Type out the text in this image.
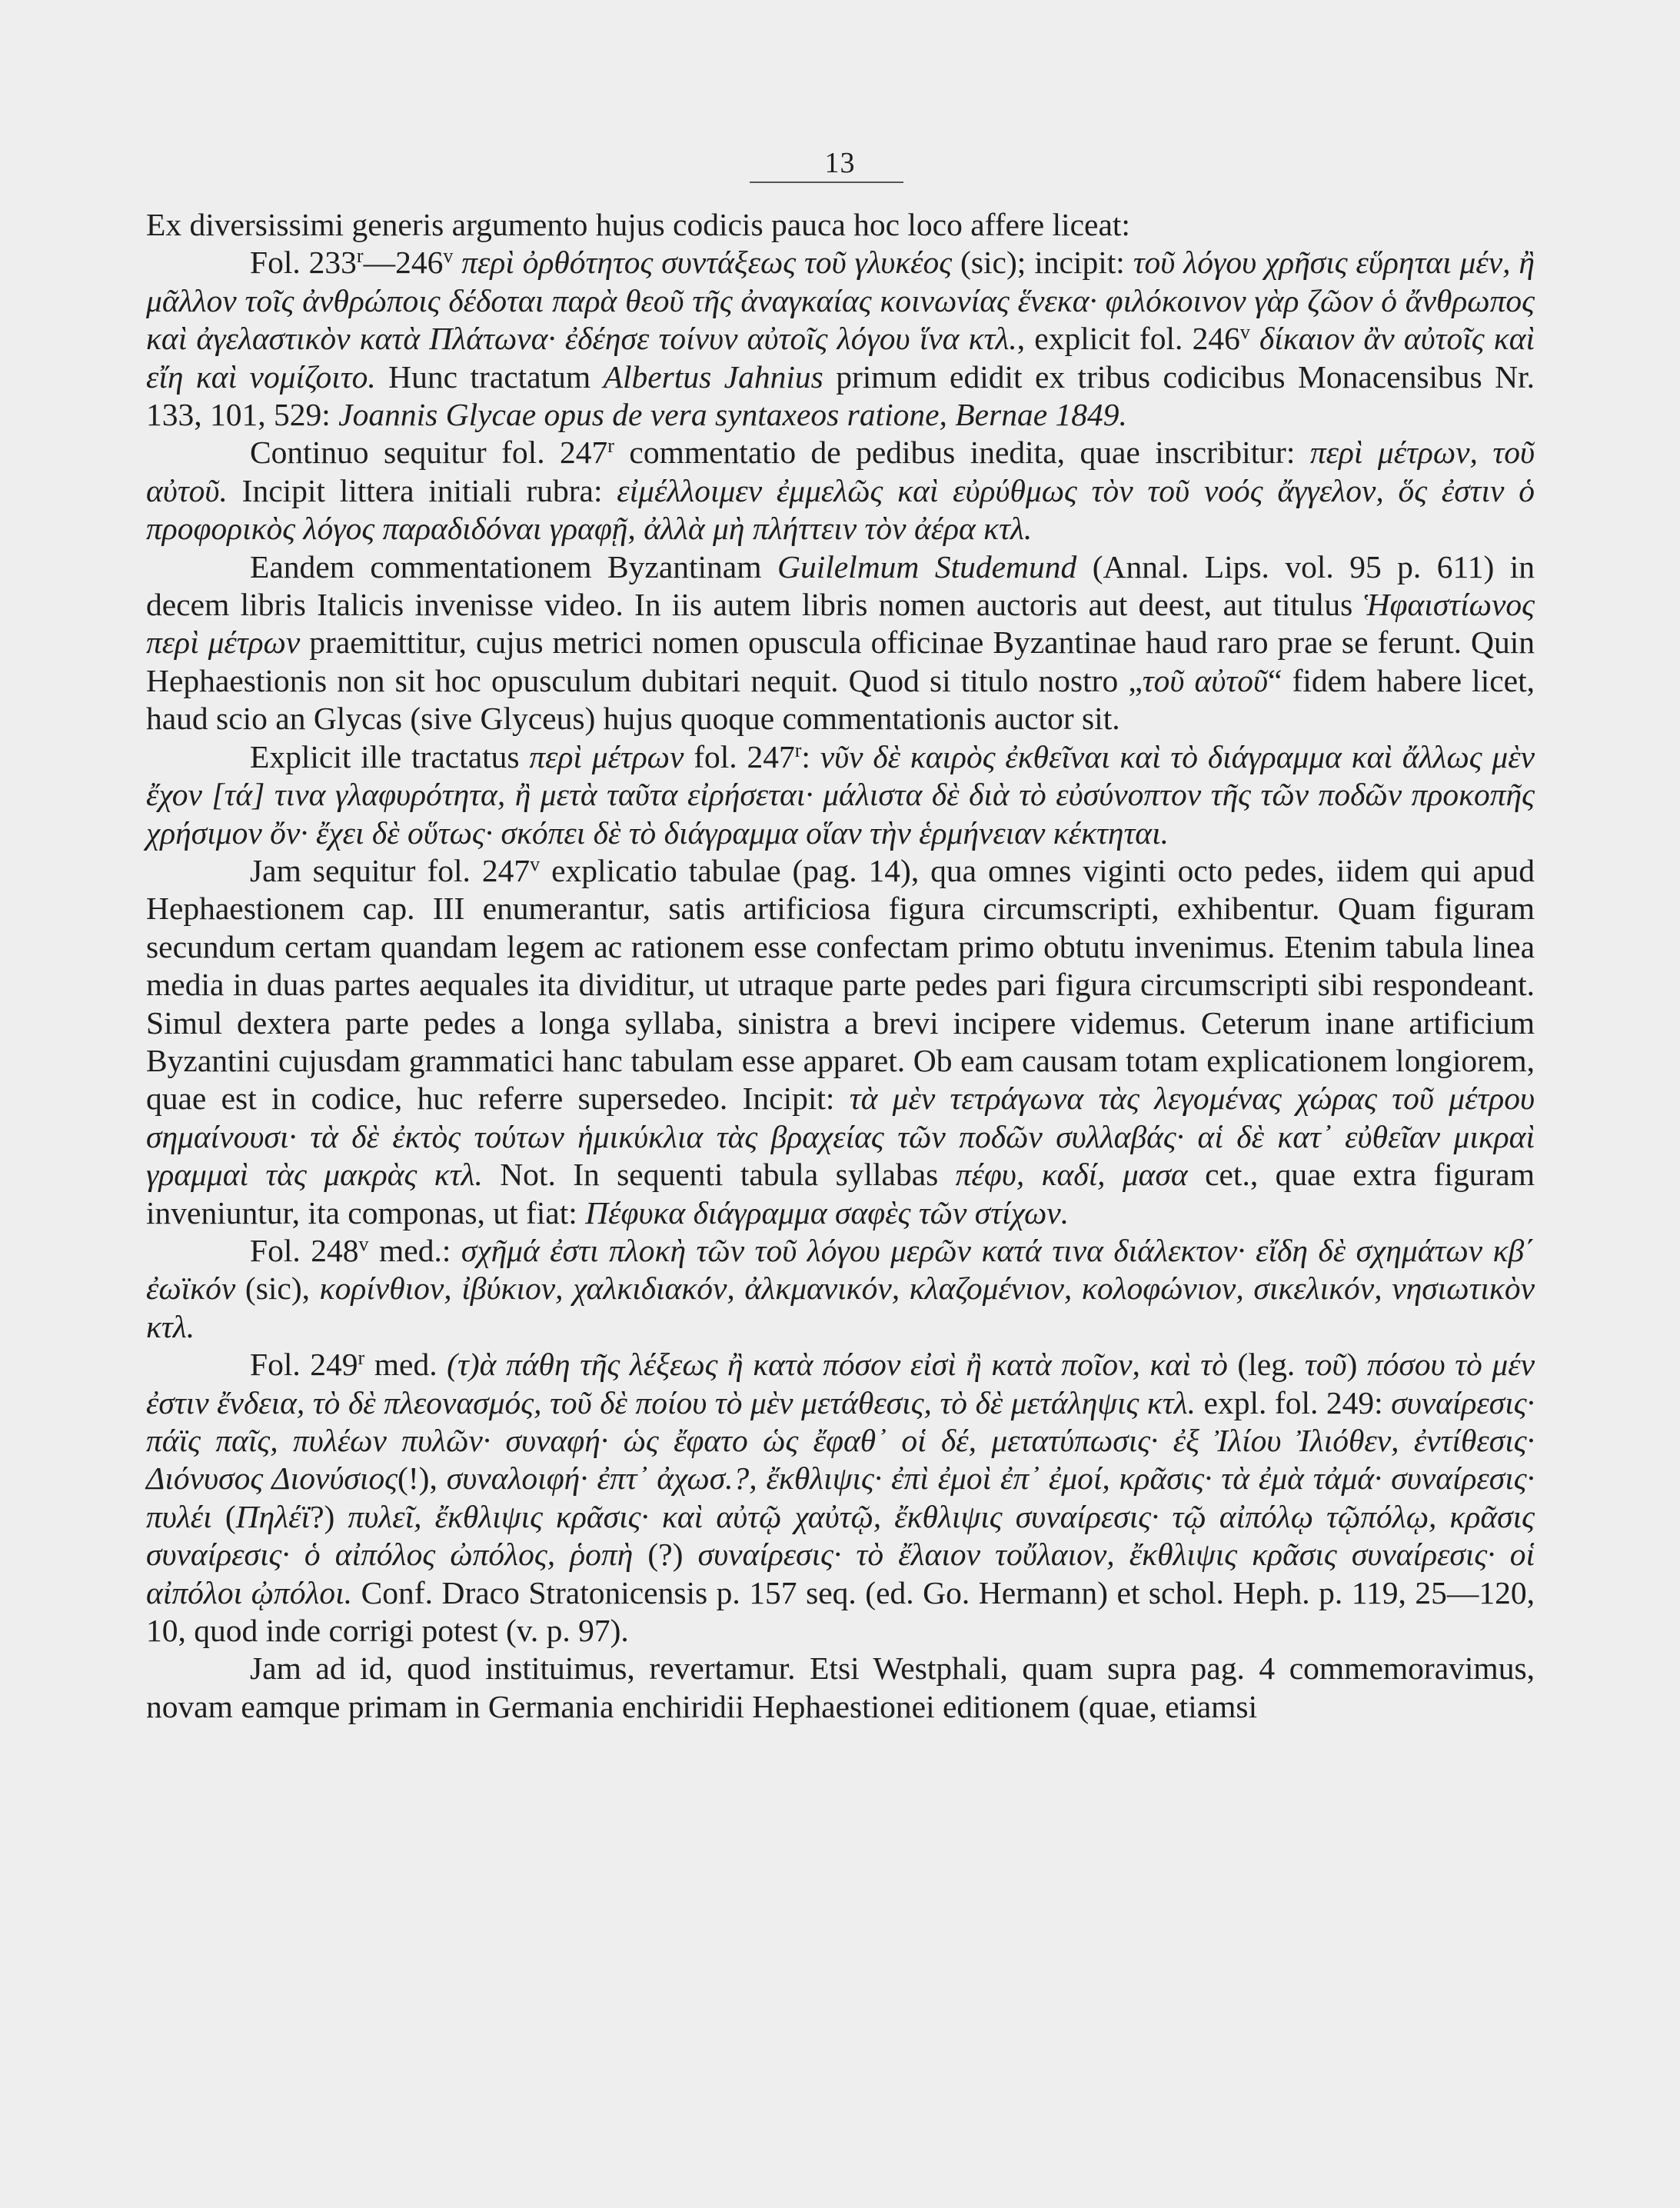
13

Ex diversissimi generis argumento hujus codicis pauca hoc loco affere liceat:

Fol. 233$^r$—246$^v$ περὶ ὀρθότητος συντάξεως τοῦ γλυκέος (sic); incipit: τοῦ λόγου χρῆσις εὕρηται μέν, ἢ μᾶλλον τοῖς ἀνθρώποις δέδοται παρὰ θεοῦ τῆς ἀναγκαίας κοινωνίας ἕνεκα· φιλόκοινον γὰρ ζῶον ὁ ἄνθρωπος καὶ ἀγελαστικὸν κατὰ Πλάτωνα· ἐδέησε τοίνυν αὐτοῖς λόγου ἵνα κτλ., explicit fol. 246$^v$ δίκαιον ἂν αὐτοῖς καὶ εἴη καὶ νομίζοιτο. Hunc tractatum Albertus Jahnius primum edidit ex tribus codicibus Monacensibus Nr. 133, 101, 529: Joannis Glycae opus de vera syntaxeos ratione, Bernae 1849.

Continuo sequitur fol. 247$^r$ commentatio de pedibus inedita, quae inscribitur: περὶ μέτρων, τοῦ αὐτοῦ. Incipit littera initiali rubra: εἰμέλλοιμεν ἐμμελῶς καὶ εὐρύθμως τὸν τοῦ νοός ἄγγελον, ὅς ἐστιν ὁ προφορικὸς λόγος παραδιδόναι γραφῇ, ἀλλὰ μὴ πλήττειν τὸν ἀέρα κτλ.

Eandem commentationem Byzantinam Guilelmum Studemund (Annal. Lips. vol. 95 p. 611) in decem libris Italicis invenisse video. In iis autem libris nomen auctoris aut deest, aut titulus Ἡφαιστίωνος περὶ μέτρων praemittitur, cujus metrici nomen opuscula officinae Byzantinae haud raro prae se ferunt. Quin Hephaestionis non sit hoc opusculum dubitari nequit. Quod si titulo nostro „τοῦ αὐτοῦ“ fidem habere licet, haud scio an Glycas (sive Glyceus) hujus quoque commentationis auctor sit.

Explicit ille tractatus περὶ μέτρων fol. 247$^r$: νῦν δὲ καιρὸς ἐκθεῖναι καὶ τὸ διάγραμμα καὶ ἄλλως μὲν ἔχον [τά] τινα γλαφυρότητα, ἢ μετὰ ταῦτα εἰρήσεται· μάλιστα δὲ διὰ τὸ εὐσύνοπτον τῆς τῶν ποδῶν προκοπῆς χρήσιμον ὄν· ἔχει δὲ οὕτως· σκόπει δὲ τὸ διάγραμμα οἵαν τὴν ἑρμήνειαν κέκτηται.

Jam sequitur fol. 247$^v$ explicatio tabulae (pag. 14), qua omnes viginti octo pedes, iidem qui apud Hephaestionem cap. III enumerantur, satis artificiosa figura circumscripti, exhibentur. Quam figuram secundum certam quandam legem ac rationem esse confectam primo obtutu invenimus. Etenim tabula linea media in duas partes aequales ita dividitur, ut utraque parte pedes pari figura circumscripti sibi respondeant. Simul dextera parte pedes a longa syllaba, sinistra a brevi incipere videmus. Ceterum inane artificium Byzantini cujusdam grammatici hanc tabulam esse apparet. Ob eam causam totam explicationem longiorem, quae est in codice, huc referre supersedeo. Incipit: τὰ μὲν τετράγωνα τὰς λεγομένας χώρας τοῦ μέτρου σημαίνουσι· τὰ δὲ ἐκτὸς τούτων ἡμικύκλια τὰς βραχείας τῶν ποδῶν συλλαβάς· αἱ δὲ κατ᾽ εὐθεῖαν μικραὶ γραμμαὶ τὰς μακρὰς κτλ. Not. In sequenti tabula syllabas πέφυ, καδί, μασα cet., quae extra figuram inveniuntur, ita componas, ut fiat: Πέφυκα διάγραμμα σαφὲς τῶν στίχων.

Fol. 248$^v$ med.: σχῆμά ἐστι πλοκὴ τῶν τοῦ λόγου μερῶν κατά τινα διάλεκτον· εἴδη δὲ σχημάτων κβ΄ ἐωϊκόν (sic), κορίνθιον, ἰβύκιον, χαλκιδιακόν, ἀλκμανικόν, κλαζομένιον, κολοφώνιον, σικελικόν, νησιωτικὸν κτλ.

Fol. 249$^r$ med. (τ)ὰ πάθη τῆς λέξεως ἢ κατὰ πόσον εἰσὶ ἢ κατὰ ποῖον, καὶ τὸ (leg. τοῦ) πόσου τὸ μέν ἐστιν ἔνδεια, τὸ δὲ πλεονασμός, τοῦ δὲ ποίου τὸ μὲν μετάθεσις, τὸ δὲ μετάληψις κτλ. expl. fol. 249: συναίρεσις· πάϊς παῖς, πυλέων πυλῶν· συναφή· ὡς ἔφατο ὡς ἔφαθ᾽ οἱ δέ, μετατύπωσις· ἐξ Ἰλίου Ἰλιόθεν, ἐντίθεσις· Διόνυσος Διονύσιος(!), συναλοιφή· ἐπτ᾽ ἀχωσ.?, ἔκθλιψις· ἐπὶ ἐμοὶ ἐπ᾽ ἐμοί, κρᾶσις· τὰ ἐμὰ τἀμά· συναίρεσις· πυλέι (Πηλέϊ?) πυλεῖ, ἔκθλιψις κρᾶσις· καὶ αὐτῷ χαὐτῷ, ἔκθλιψις συναίρεσις· τῷ αἰπόλῳ τῷπόλῳ, κρᾶσις συναίρεσις· ὁ αἰπόλος ὠπόλος, ῥοπὴ (?) συναίρεσις· τὸ ἔλαιον τοὔλαιον, ἔκθλιψις κρᾶσις συναίρεσις· οἱ αἰπόλοι ᾠπόλοι. Conf. Draco Stratonicensis p. 157 seq. (ed. Go. Hermann) et schol. Heph. p. 119, 25—120, 10, quod inde corrigi potest (v. p. 97).

Jam ad id, quod instituimus, revertamur. Etsi Westphali, quam supra pag. 4 commemoravimus, novam eamque primam in Germania enchiridii Hephaestionei editionem (quae, etiamsi
